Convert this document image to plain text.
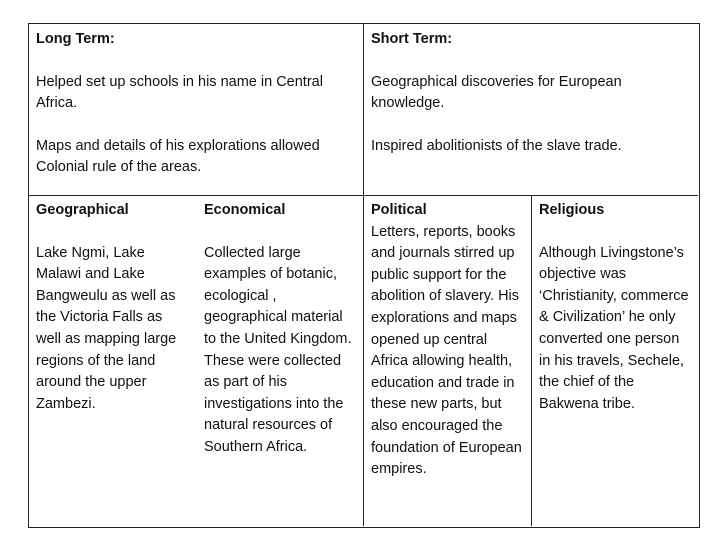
Long Term:

Helped set up schools in his name in Central Africa.

Maps and details of his explorations allowed Colonial rule of the areas.

Short Term:

Geographical discoveries for European knowledge.

Inspired abolitionists of the slave trade.

Geographical

Lake Ngmi, Lake Malawi and Lake Bangweulu as well as the Victoria Falls as well as mapping large regions of the land around the upper Zambezi.

Economical

Collected large examples of botanic, ecological , geographical material to the United Kingdom. These were collected as part of his investigations into the natural resources of Southern Africa.

Political

Letters, reports, books and journals stirred up public support for the abolition of slavery. His explorations and maps opened up central Africa allowing health, education and trade in these new parts, but also encouraged the foundation of European empires.

Religious

Although Livingstone’s objective was ‘Christianity, commerce & Civilization’ he only converted one person in his travels, Sechele, the chief of the Bakwena tribe.
